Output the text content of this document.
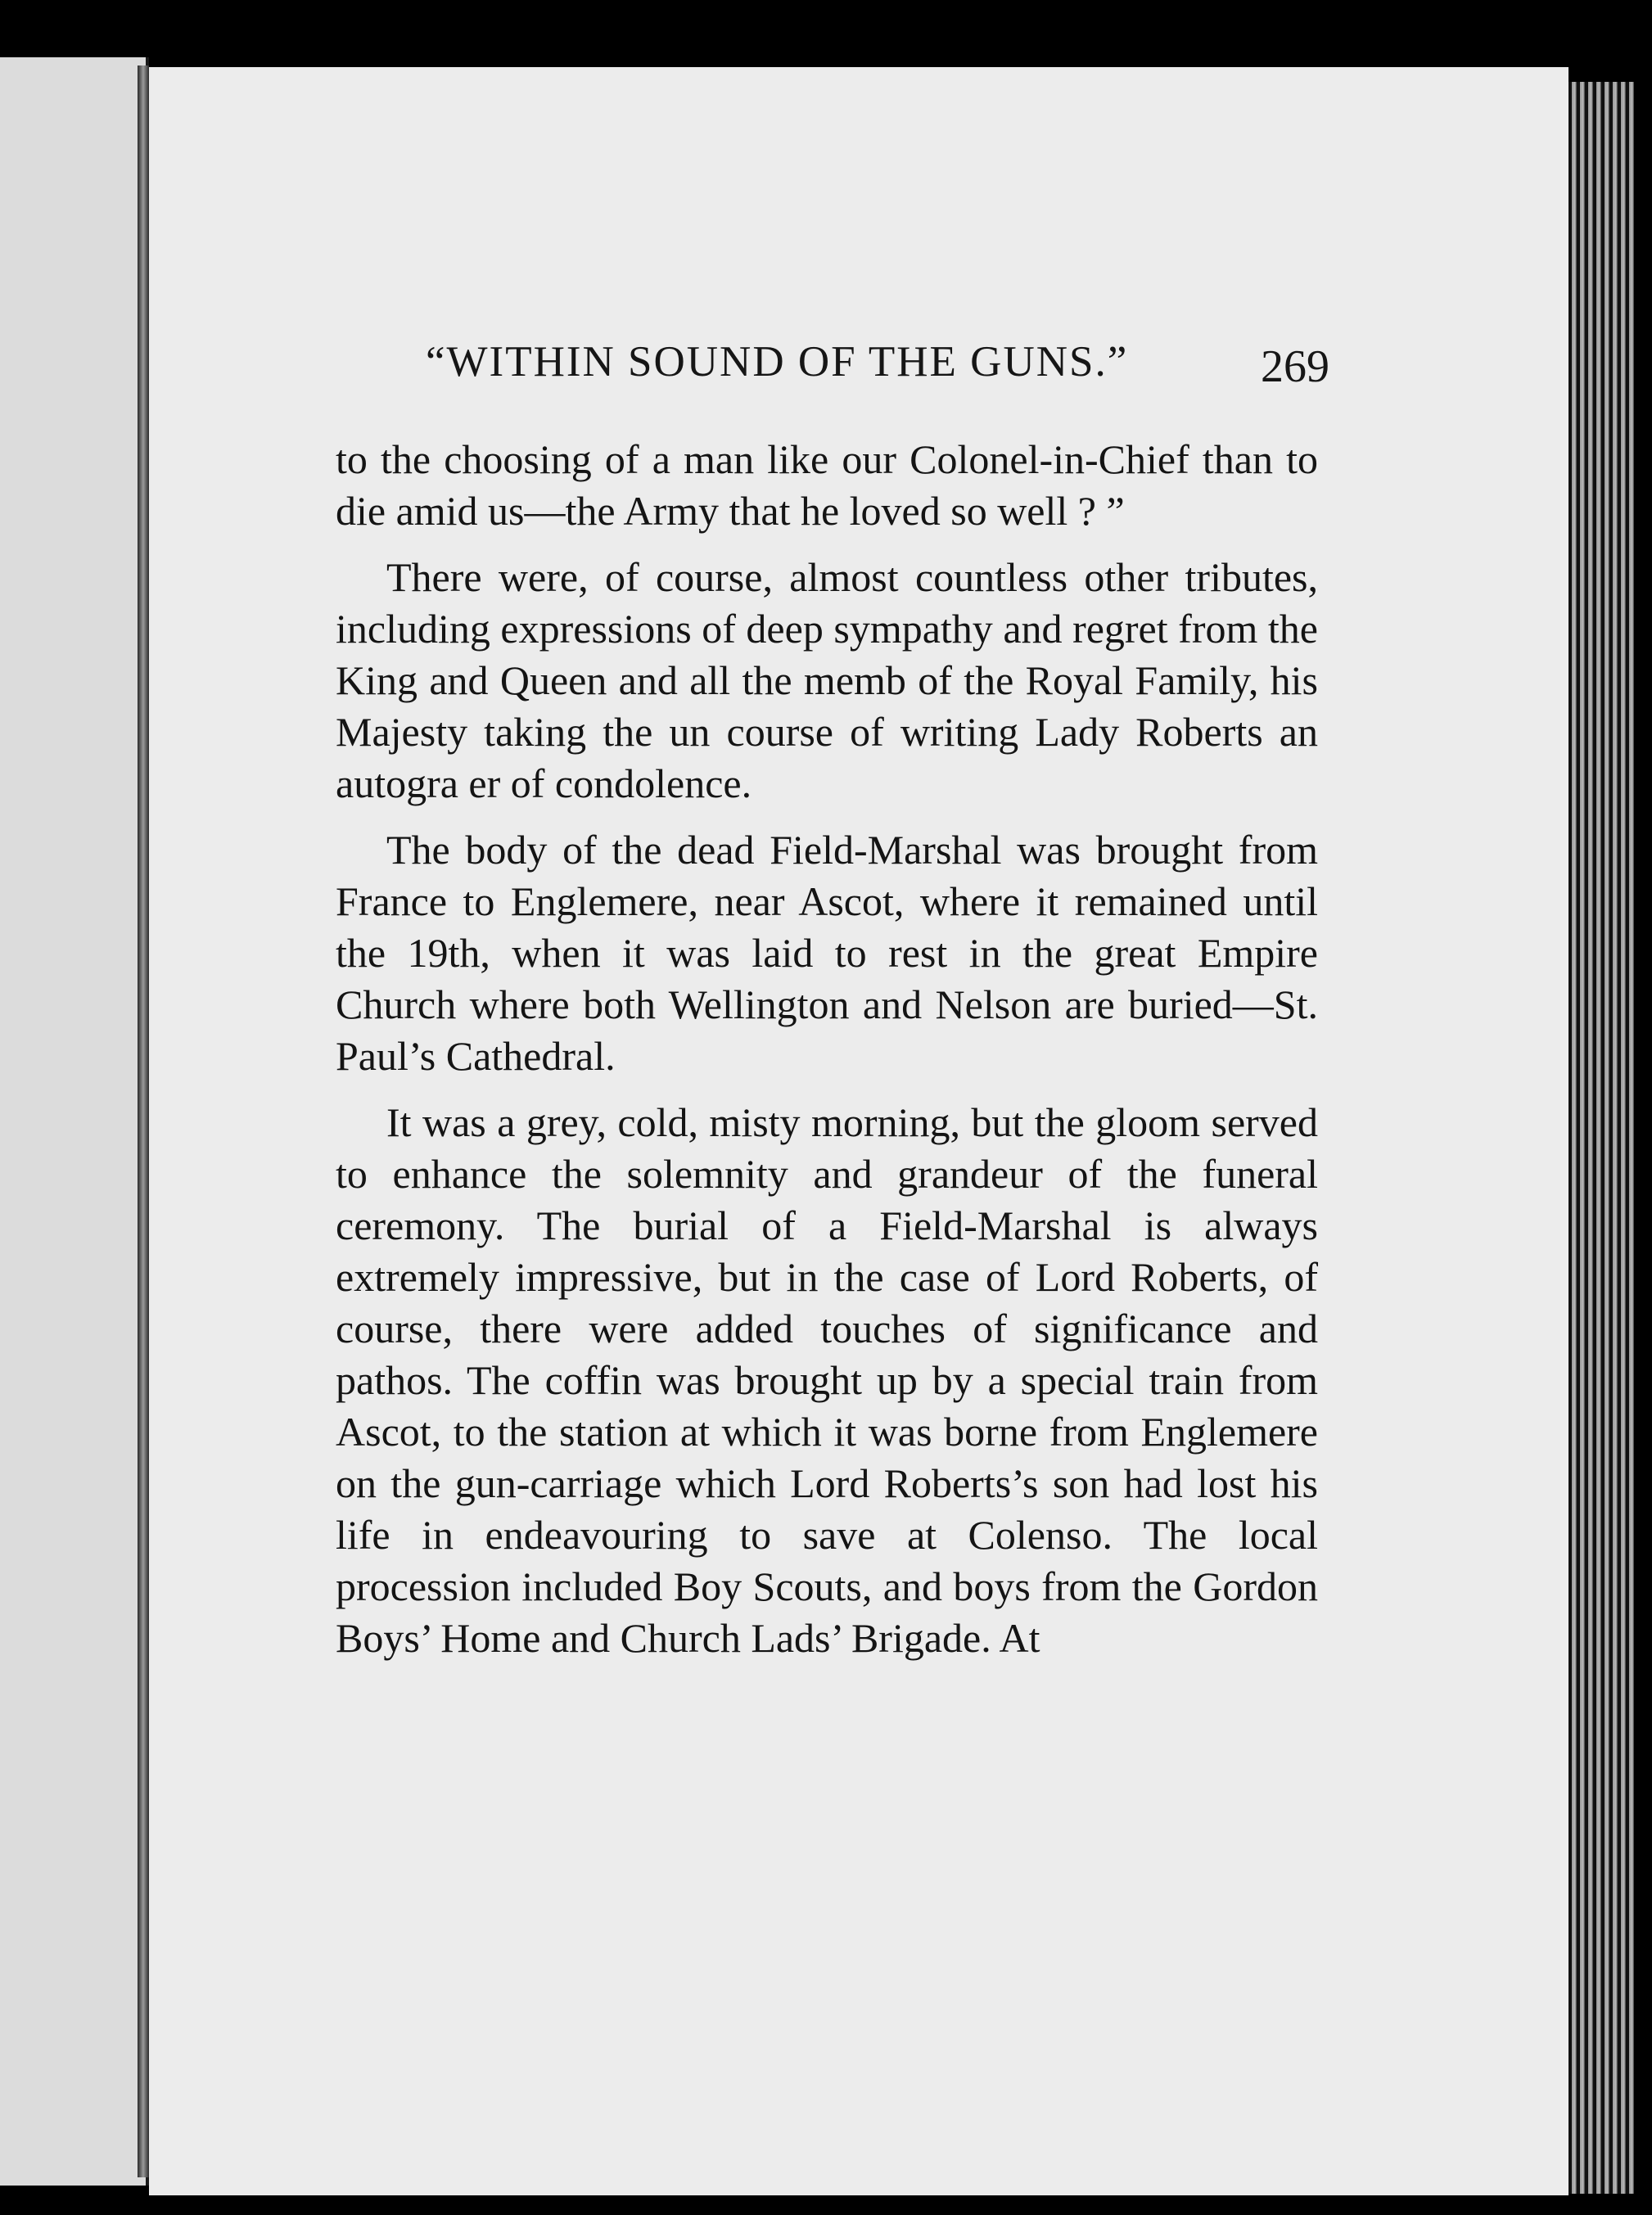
“WITHIN SOUND OF THE GUNS.”	269

to the choosing of a man like our Colonel-in-Chief than to die amid us—the Army that he loved so well ? ”

There were, of course, almost countless other tributes, including expressions of deep sympathy and regret from the King and Queen and all the memb of the Royal Family, his Majesty taking the un course of writing Lady Roberts an autogra er of condolence.

The body of the dead Field-Marshal was brought from France to Englemere, near Ascot, where it remained until the 19th, when it was laid to rest in the great Empire Church where both Wellington and Nelson are buried—St. Paul’s Cathedral.

It was a grey, cold, misty morning, but the gloom served to enhance the solemnity and grandeur of the funeral ceremony. The burial of a Field-Marshal is always extremely impressive, but in the case of Lord Roberts, of course, there were added touches of significance and pathos. The coffin was brought up by a special train from Ascot, to the station at which it was borne from Englemere on the gun-carriage which Lord Roberts’s son had lost his life in endeavouring to save at Colenso. The local procession included Boy Scouts, and boys from the Gordon Boys’ Home and Church Lads’ Brigade. At
